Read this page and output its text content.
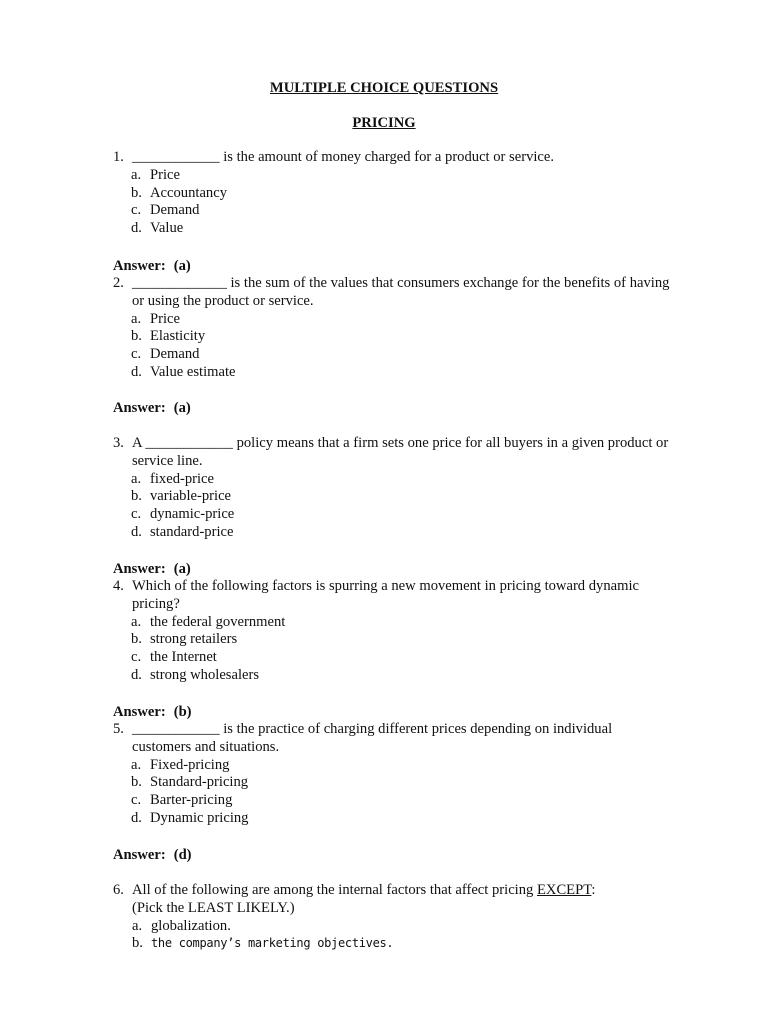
MULTIPLE CHOICE QUESTIONS
PRICING
1. ____________ is the amount of money charged for a product or service.
a. Price
b. Accountancy
c. Demand
d. Value
Answer: (a)
2. _____________ is the sum of the values that consumers exchange for the benefits of having or using the product or service.
a. Price
b. Elasticity
c. Demand
d. Value estimate
Answer: (a)
3. A ____________ policy means that a firm sets one price for all buyers in a given product or service line.
a. fixed-price
b. variable-price
c. dynamic-price
d. standard-price
Answer: (a)
4. Which of the following factors is spurring a new movement in pricing toward dynamic pricing?
a. the federal government
b. strong retailers
c. the Internet
d. strong wholesalers
Answer: (b)
5. ____________ is the practice of charging different prices depending on individual customers and situations.
a. Fixed-pricing
b. Standard-pricing
c. Barter-pricing
d. Dynamic pricing
Answer: (d)
6. All of the following are among the internal factors that affect pricing EXCEPT:
(Pick the LEAST LIKELY.)
a. globalization.
b. the company’s marketing objectives.
